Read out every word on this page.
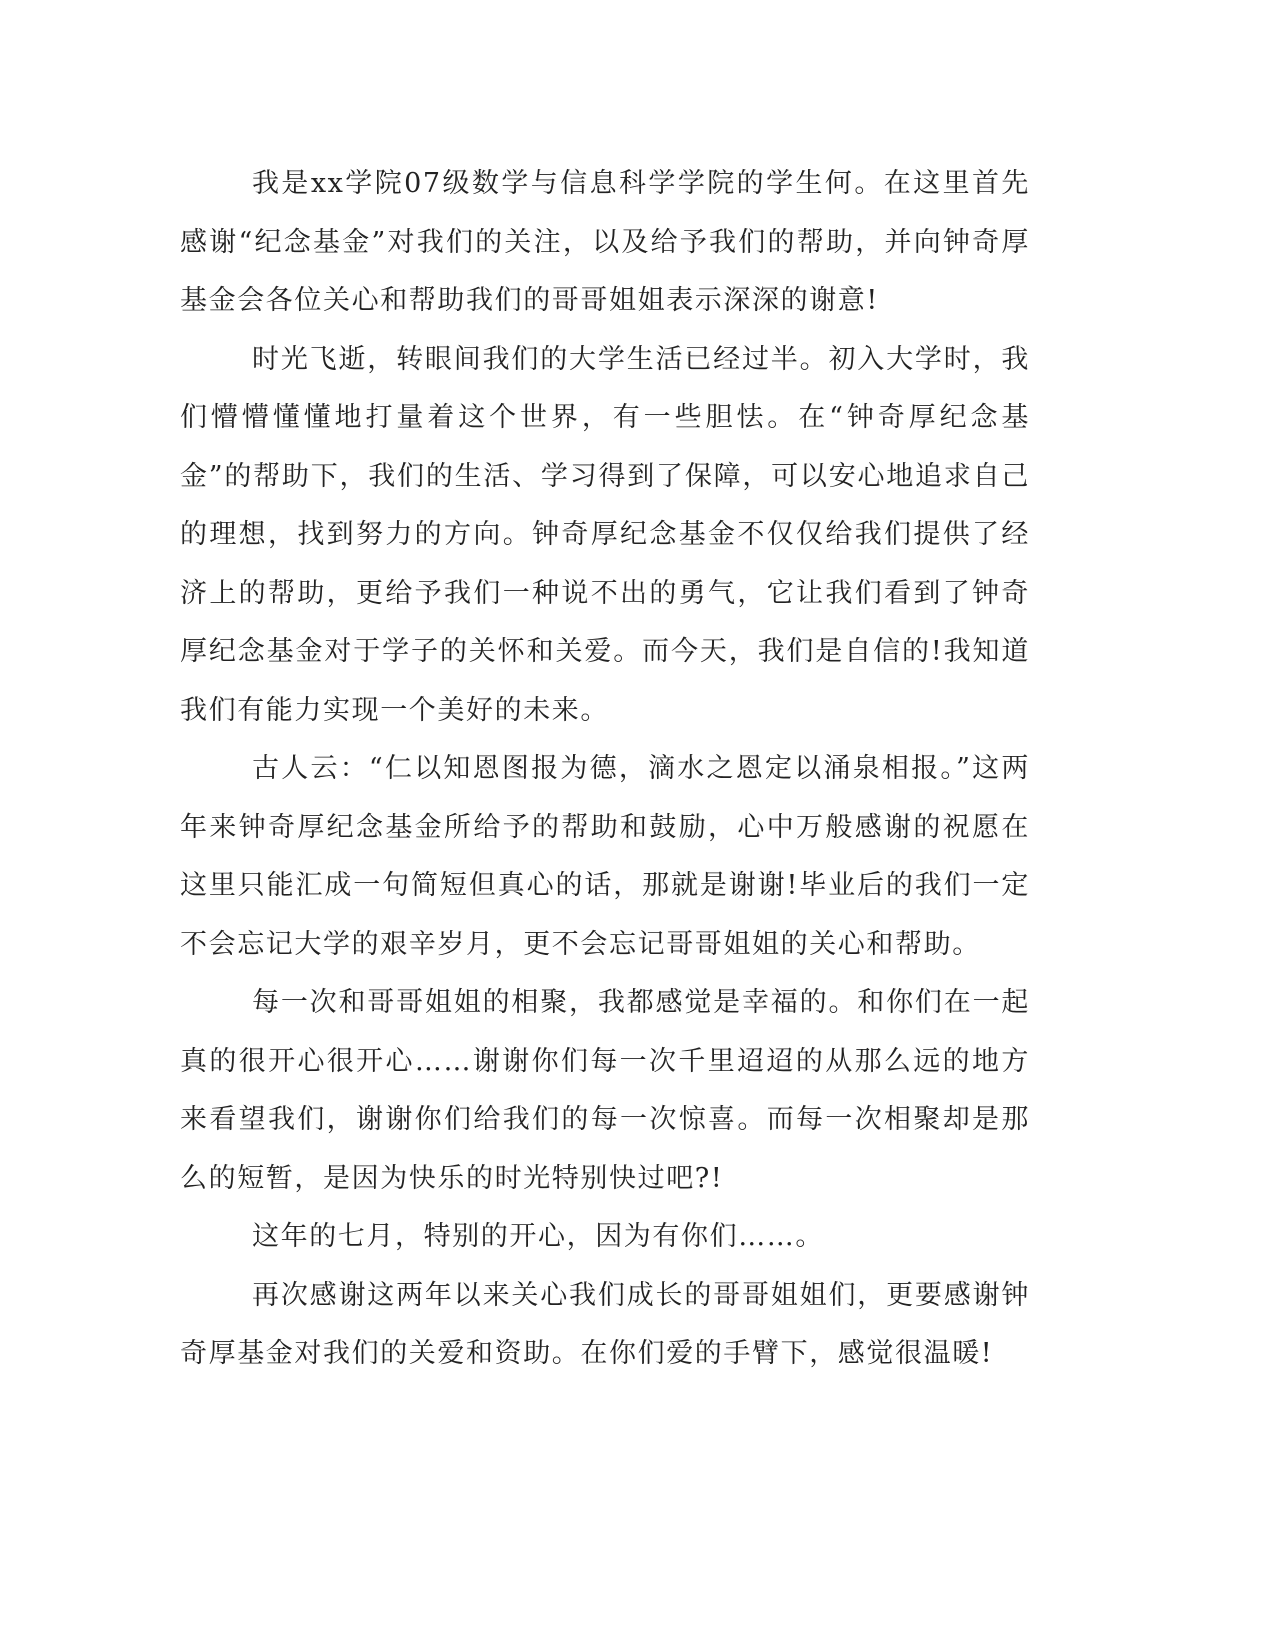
我是xx学院07级数学与信息科学学院的学生何。在这里首先感谢“纪念基金”对我们的关注，以及给予我们的帮助，并向钟奇厚基金会各位关心和帮助我们的哥哥姐姐表示深深的谢意!

时光飞逝，转眼间我们的大学生活已经过半。初入大学时，我们懵懵懂懂地打量着这个世界，有一些胆怯。在“钟奇厚纪念基金”的帮助下，我们的生活、学习得到了保障，可以安心地追求自己的理想，找到努力的方向。钟奇厚纪念基金不仅仅给我们提供了经济上的帮助，更给予我们一种说不出的勇气，它让我们看到了钟奇厚纪念基金对于学子的关怀和关爱。而今天，我们是自信的!我知道我们有能力实现一个美好的未来。

古人云：“仁以知恩图报为德，滴水之恩定以涌泉相报。”这两年来钟奇厚纪念基金所给予的帮助和鼓励，心中万般感谢的祝愿在这里只能汇成一句简短但真心的话，那就是谢谢!毕业后的我们一定不会忘记大学的艰辛岁月，更不会忘记哥哥姐姐的关心和帮助。

每一次和哥哥姐姐的相聚，我都感觉是幸福的。和你们在一起真的很开心很开心……谢谢你们每一次千里迢迢的从那么远的地方来看望我们，谢谢你们给我们的每一次惊喜。而每一次相聚却是那么的短暂，是因为快乐的时光特别快过吧?!

这年的七月，特别的开心，因为有你们……。

再次感谢这两年以来关心我们成长的哥哥姐姐们，更要感谢钟奇厚基金对我们的关爱和资助。在你们爱的手臂下，感觉很温暖!
